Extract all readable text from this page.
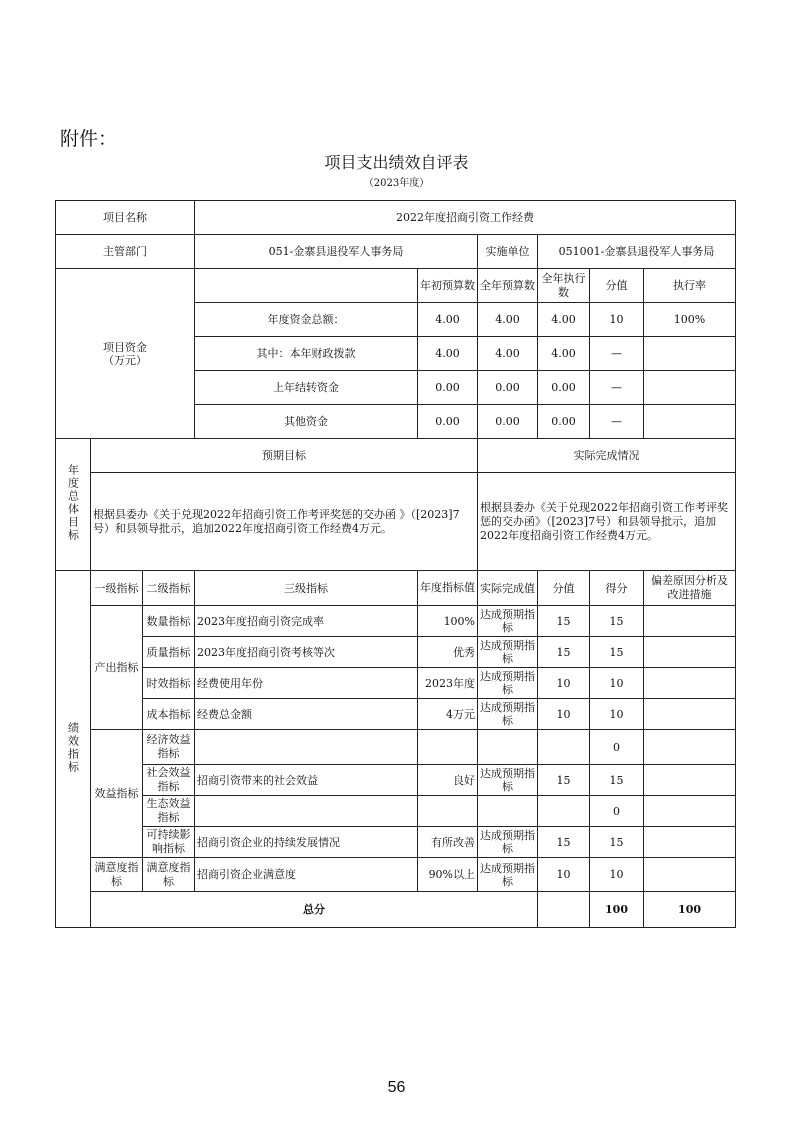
附件：
项目支出绩效自评表
（2023年度）
项目名称			2022年度招商引资工作经费						
主管部门			051-金寨县退役军人事务局		实施单位	051001-金寨县退役军人事务局			
项目资金（万元）				年初预算数	全年预算数	全年执行数	分值	执行率	
			年度资金总额：	4.00	4.00	4.00	10	100%	
			其中：本年财政拨款	4.00	4.00	4.00	—		
			上年结转资金	0.00	0.00	0.00	—		
			其他资金	0.00	0.00	0.00	—		
年度总体目标	预期目标				实际完成情况				
	根据县委办《关于兑现2022年招商引资工作考评奖惩的交办函 》（[2023]7号）和县领导批示，追加2022年度招商引资工作经费4万元。				根据县委办《关于兑现2022年招商引资工作考评奖惩的交办函》（[2023]7号）和县领导批示，追加2022年度招商引资工作经费4万元。				
绩效指标	一级指标	二级指标	三级指标	年度指标值	实际完成值	分值	得分	偏差原因分析及改进措施	
	产出指标	数量指标	2023年度招商引资完成率	100%	达成预期指标	15	15		
		质量指标	2023年度招商引资考核等次	优秀	达成预期指标	15	15		
		时效指标	经费使用年份	2023年度	达成预期指标	10	10		
		成本指标	经费总金额	4万元	达成预期指标	10	10		
	效益指标	经济效益指标					0		
		社会效益指标	招商引资带来的社会效益	良好	达成预期指标	15	15		
		生态效益指标					0		
		可持续影响指标	招商引资企业的持续发展情况	有所改善	达成预期指标	15	15		
	满意度指标	满意度指标	招商引资企业满意度	90%以上	达成预期指标	10	10		
	总分						100	100	
56
